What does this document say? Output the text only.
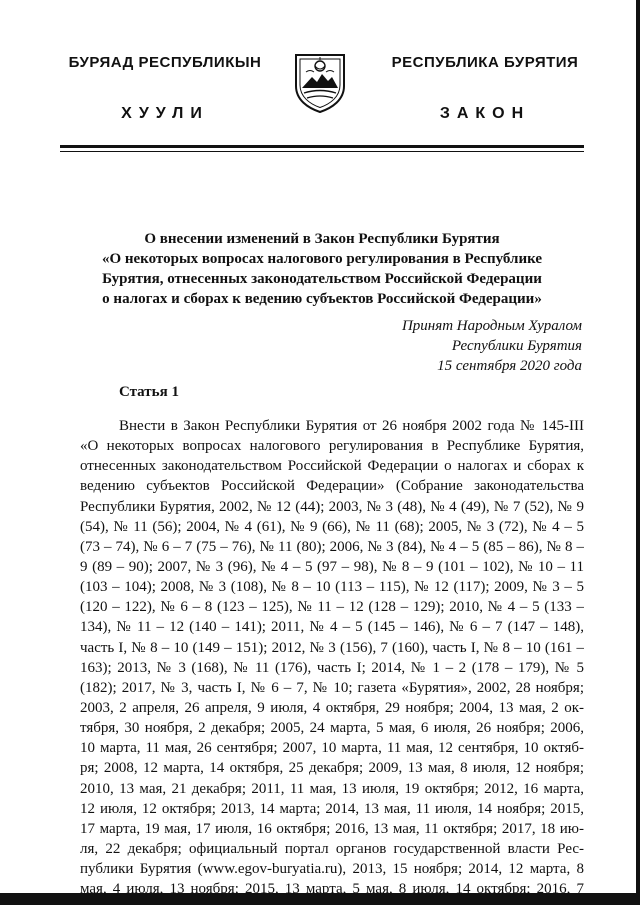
БУРЯАД РЕСПУБЛИКЫН
ХУУЛИ
РЕСПУБЛИКА БУРЯТИЯ
ЗАКОН
О внесении изменений в Закон Республики Бурятия
«О некоторых вопросах налогового регулирования в Республике
Бурятия, отнесенных законодательством Российской Федерации
о налогах и сборах к ведению субъектов Российской Федерации»
Принят Народным Хуралом
Республики Бурятия
15 сентября 2020 года
Статья 1
Внести в Закон Республики Бурятия от 26 ноября 2002 года № 145-III
«О некоторых вопросах налогового регулирования в Республике Бурятия,
отнесенных законодательством Российской Федерации о налогах и сборах к
ведению субъектов Российской Федерации» (Собрание законодательства
Республики Бурятия, 2002, № 12 (44); 2003, № 3 (48), № 4 (49), № 7 (52), № 9
(54), № 11 (56); 2004, № 4 (61), № 9 (66), № 11 (68); 2005, № 3 (72), № 4 – 5
(73 – 74), № 6 – 7 (75 – 76), № 11 (80); 2006, № 3 (84), № 4 – 5 (85 – 86), № 8 –
9 (89 – 90); 2007, № 3 (96), № 4 – 5 (97 – 98), № 8 – 9 (101 – 102), № 10 – 11
(103 – 104); 2008, № 3 (108), № 8 – 10 (113 – 115), № 12 (117); 2009, № 3 – 5
(120 – 122), № 6 – 8 (123 – 125), № 11 – 12 (128 – 129); 2010, № 4 – 5 (133 –
134), № 11 – 12 (140 – 141); 2011, № 4 – 5 (145 – 146), № 6 – 7 (147 – 148),
часть I, № 8 – 10 (149 – 151); 2012, № 3 (156), 7 (160), часть I, № 8 – 10 (161 –
163); 2013, № 3 (168), № 11 (176), часть I; 2014, № 1 – 2 (178 – 179), № 5
(182); 2017, № 3, часть I, № 6 – 7, № 10; газета «Бурятия», 2002, 28 ноября;
2003, 2 апреля, 26 апреля, 9 июля, 4 октября, 29 ноября; 2004, 13 мая, 2 ок-
тября, 30 ноября, 2 декабря; 2005, 24 марта, 5 мая, 6 июля, 26 ноября; 2006,
10 марта, 11 мая, 26 сентября; 2007, 10 марта, 11 мая, 12 сентября, 10 октяб-
ря; 2008, 12 марта, 14 октября, 25 декабря; 2009, 13 мая, 8 июля, 12 ноября;
2010, 13 мая, 21 декабря; 2011, 11 мая, 13 июля, 19 октября; 2012, 16 марта,
12 июля, 12 октября; 2013, 14 марта; 2014, 13 мая, 11 июля, 14 ноября; 2015,
17 марта, 19 мая, 17 июля, 16 октября; 2016, 13 мая, 11 октября; 2017, 18 ию-
ля, 22 декабря; официальный портал органов государственной власти Рес-
публики Бурятия (www.egov-buryatia.ru), 2013, 15 ноября; 2014, 12 марта, 8
мая, 4 июля, 13 ноября; 2015, 13 марта, 5 мая, 8 июля, 14 октября; 2016, 7
